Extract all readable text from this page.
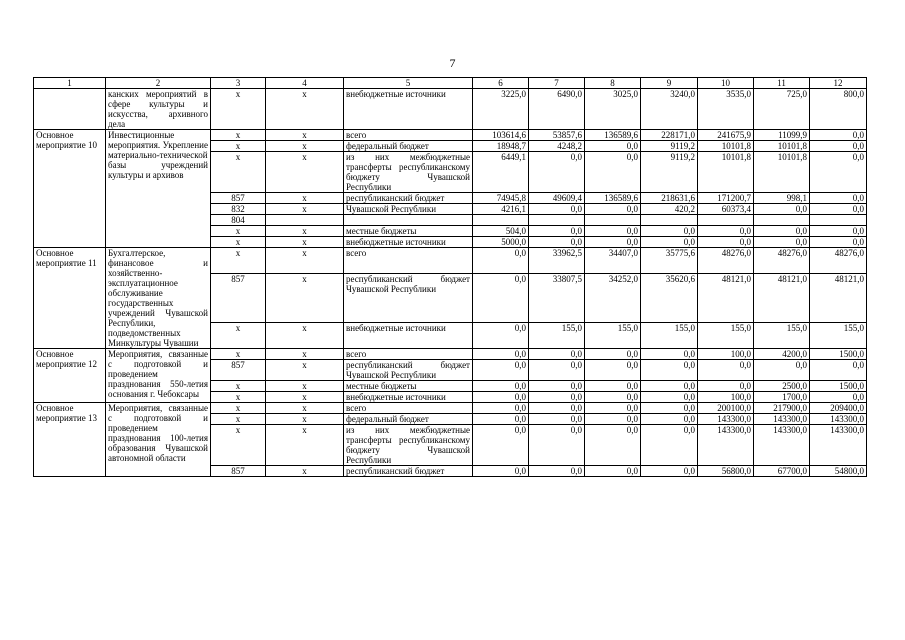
7
1	2	3	4	5	6	7	8	9	10	11	12
	канских мероприятий в сфере культуры и искусства, архивного дела	x	x	внебюджетные источники	3225,0	6490,0	3025,0	3240,0	3535,0	725,0	800,0
Основное мероприятие 10	Инвестиционные мероприятия. Укрепление материально-технической базы учреждений культуры и архивов	x	x	всего	103614,6	53857,6	136589,6	228171,0	241675,9	11099,9	0,0
		x	x	федеральный бюджет	18948,7	4248,2	0,0	9119,2	10101,8	10101,8	0,0
		x	x	из них межбюджетные трансферты республиканскому бюджету Чувашской Республики	6449,1	0,0	0,0	9119,2	10101,8	10101,8	0,0
		857	x	республиканский бюджет	74945,8	49609,4	136589,6	218631,6	171200,7	998,1	0,0
		832	x	Чувашской Республики	4216,1	0,0	0,0	420,2	60373,4	0,0	0,0
		804									
		x	x	местные бюджеты	504,0	0,0	0,0	0,0	0,0	0,0	0,0
		x	x	внебюджетные источники	5000,0	0,0	0,0	0,0	0,0	0,0	0,0
Основное мероприятие 11	Бухгалтерское, финансовое и хозяйственно-эксплуатационное обслуживание государственных учреждений Чувашской Республики, подведомственных Минкультуры Чувашии	x	x	всего	0,0	33962,5	34407,0	35775,6	48276,0	48276,0	48276,0
		857	x	республиканский бюджет Чувашской Республики	0,0	33807,5	34252,0	35620,6	48121,0	48121,0	48121,0
		x	x	внебюджетные источники	0,0	155,0	155,0	155,0	155,0	155,0	155,0
Основное мероприятие 12	Мероприятия, связанные с подготовкой и проведением празднования 550-летия основания г. Чебоксары	x	x	всего	0,0	0,0	0,0	0,0	100,0	4200,0	1500,0
		857	x	республиканский бюджет Чувашской Республики	0,0	0,0	0,0	0,0	0,0	0,0	0,0
		x	x	местные бюджеты	0,0	0,0	0,0	0,0	0,0	2500,0	1500,0
		x	x	внебюджетные источники	0,0	0,0	0,0	0,0	100,0	1700,0	0,0
Основное мероприятие 13	Мероприятия, связанные с подготовкой и проведением празднования 100-летия образования Чувашской автономной области	x	x	всего	0,0	0,0	0,0	0,0	200100,0	217900,0	209400,0
		x	x	федеральный бюджет	0,0	0,0	0,0	0,0	143300,0	143300,0	143300,0
		x	x	из них межбюджетные трансферты республиканскому бюджету Чувашской Республики	0,0	0,0	0,0	0,0	143300,0	143300,0	143300,0
		857	x	республиканский бюджет	0,0	0,0	0,0	0,0	56800,0	67700,0	54800,0
